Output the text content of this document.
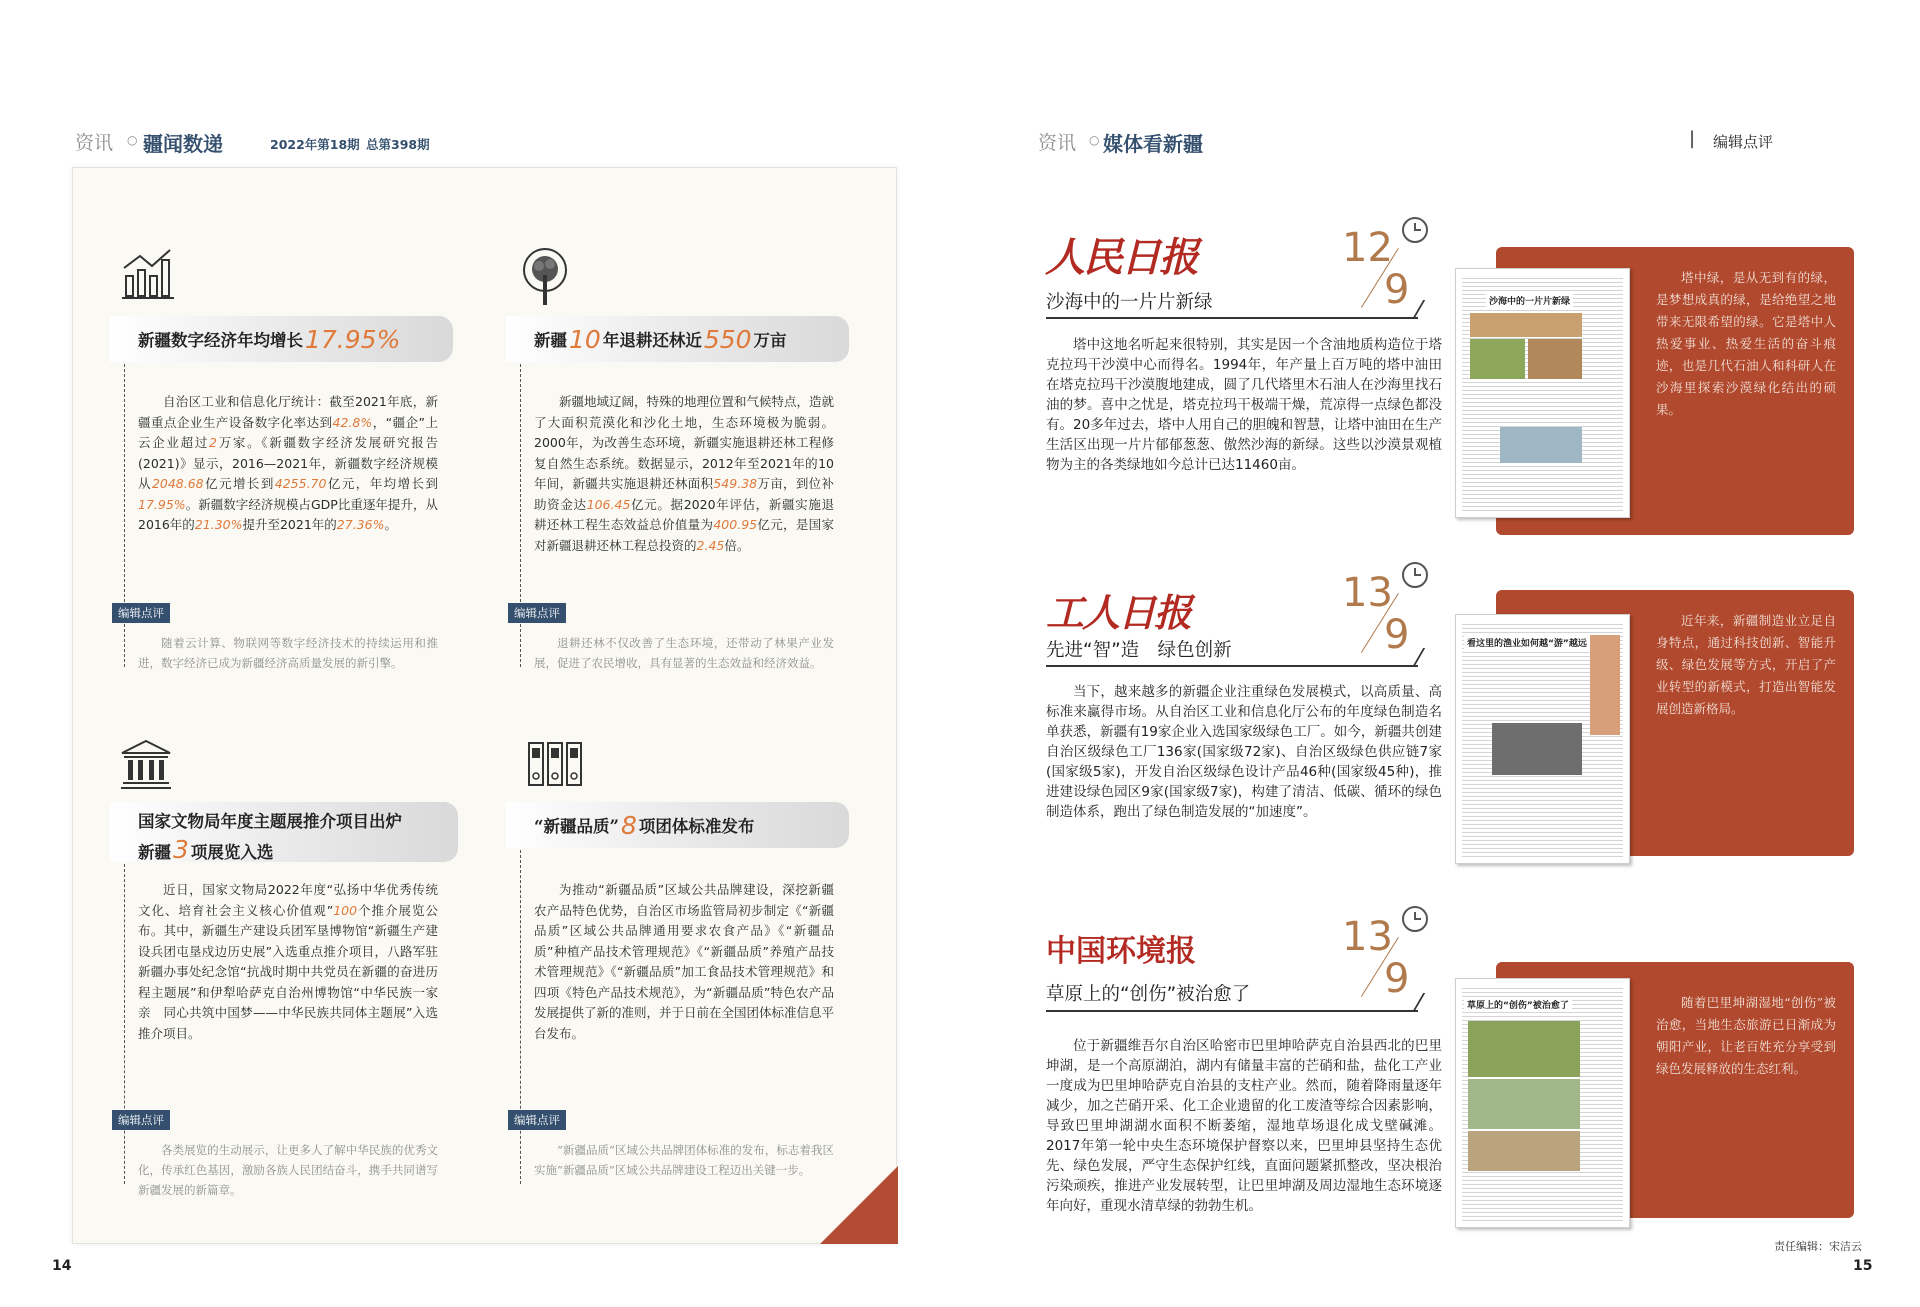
资讯 ○ 疆闻数递	2022年第18期 总第398期
新疆数字经济年均增长 17.95%
自治区工业和信息化厅统计：截至2021年底，新疆重点企业生产设备数字化率达到42.8%，“疆企”上云企业超过2万家。《新疆数字经济发展研究报告(2021)》显示，2016—2021年，新疆数字经济规模从2048.68亿元增长到4255.70亿元，年均增长到17.95%。新疆数字经济规模占GDP比重逐年提升，从2016年的21.30%提升至2021年的27.36%。
编辑点评
随着云计算、物联网等数字经济技术的持续运用和推进，数字经济已成为新疆经济高质量发展的新引擎。
新疆 10 年退耕还林近 550 万亩
新疆地域辽阔，特殊的地理位置和气候特点，造就了大面积荒漠化和沙化土地，生态环境极为脆弱。2000年，为改善生态环境，新疆实施退耕还林工程修复自然生态系统。数据显示，2012年至2021年的10年间，新疆共实施退耕还林面积549.38万亩，到位补助资金达106.45亿元。据2020年评估，新疆实施退耕还林工程生态效益总价值量为400.95亿元，是国家对新疆退耕还林工程总投资的2.45倍。
编辑点评
退耕还林不仅改善了生态环境，还带动了林果产业发展，促进了农民增收，具有显著的生态效益和经济效益。
国家文物局年度主题展推介项目出炉
新疆3 项展览入选
近日，国家文物局2022年度“弘扬中华优秀传统文化、培育社会主义核心价值观”100个推介展览公布。其中，新疆生产建设兵团军垦博物馆“新疆生产建设兵团屯垦戍边历史展”入选重点推介项目，八路军驻新疆办事处纪念馆“抗战时期中共党员在新疆的奋进历程主题展”和伊犁哈萨克自治州博物馆“中华民族一家亲　同心共筑中国梦——中华民族共同体主题展”入选推介项目。
编辑点评
各类展览的生动展示，让更多人了解中华民族的优秀文化，传承红色基因，激励各族人民团结奋斗，携手共同谱写新疆发展的新篇章。
“新疆品质” 8 项团体标准发布
为推动“新疆品质”区域公共品牌建设，深挖新疆农产品特色优势，自治区市场监管局初步制定《“新疆品质”区域公共品牌通用要求农食产品》《“新疆品质”种植产品技术管理规范》《“新疆品质”养殖产品技术管理规范》《“新疆品质”加工食品技术管理规范》和四项《特色产品技术规范》，为“新疆品质”特色农产品发展提供了新的准则，并于日前在全国团体标准信息平台发布。
编辑点评
“新疆品质”区域公共品牌团体标准的发布，标志着我区实施“新疆品质”区域公共品牌建设工程迈出关键一步。
14
资讯 ○ 媒体看新疆	| 编辑点评
人民日报
沙海中的一片片新绿
12
9
塔中这地名听起来很特别，其实是因一个含油地质构造位于塔克拉玛干沙漠中心而得名。1994年，年产量上百万吨的塔中油田在塔克拉玛干沙漠腹地建成，圆了几代塔里木石油人在沙海里找石油的梦。喜中之忧是，塔克拉玛干极端干燥，荒凉得一点绿色都没有。20多年过去，塔中人用自己的胆魄和智慧，让塔中油田在生产生活区出现一片片郁郁葱葱、傲然沙海的新绿。这些以沙漠景观植物为主的各类绿地如今总计已达11460亩。
塔中绿，是从无到有的绿，是梦想成真的绿，是给绝望之地带来无限希望的绿。它是塔中人热爱事业、热爱生活的奋斗痕迹，也是几代石油人和科研人在沙海里探索沙漠绿化结出的硕果。
沙海中的一片片新绿
工人日报
先进“智”造　绿色创新
13
9
当下，越来越多的新疆企业注重绿色发展模式，以高质量、高标准来赢得市场。从自治区工业和信息化厅公布的年度绿色制造名单获悉，新疆有19家企业入选国家级绿色工厂。如今，新疆共创建自治区级绿色工厂136家(国家级72家)、自治区级绿色供应链7家(国家级5家)，开发自治区级绿色设计产品46种(国家级45种)，推进建设绿色园区9家(国家级7家)，构建了清洁、低碳、循环的绿色制造体系，跑出了绿色制造发展的“加速度”。
近年来，新疆制造业立足自身特点，通过科技创新、智能升级、绿色发展等方式，开启了产业转型的新模式，打造出智能发展创造新格局。
看这里的渔业如何越“游”越远
中国环境报
草原上的“创伤”被治愈了
13
9
位于新疆维吾尔自治区哈密市巴里坤哈萨克自治县西北的巴里坤湖，是一个高原湖泊，湖内有储量丰富的芒硝和盐，盐化工产业一度成为巴里坤哈萨克自治县的支柱产业。然而，随着降雨量逐年减少，加之芒硝开采、化工企业遗留的化工废渣等综合因素影响，导致巴里坤湖湖水面积不断萎缩，湿地草场退化成戈壁碱滩。2017年第一轮中央生态环境保护督察以来，巴里坤县坚持生态优先、绿色发展，严守生态保护红线，直面问题紧抓整改，坚决根治污染顽疾，推进产业发展转型，让巴里坤湖及周边湿地生态环境逐年向好，重现水清草绿的勃勃生机。
随着巴里坤湖湿地“创伤”被治愈，当地生态旅游已日渐成为朝阳产业，让老百姓充分享受到绿色发展释放的生态红利。
草原上的“创伤”被治愈了
责任编辑：宋洁云
15
